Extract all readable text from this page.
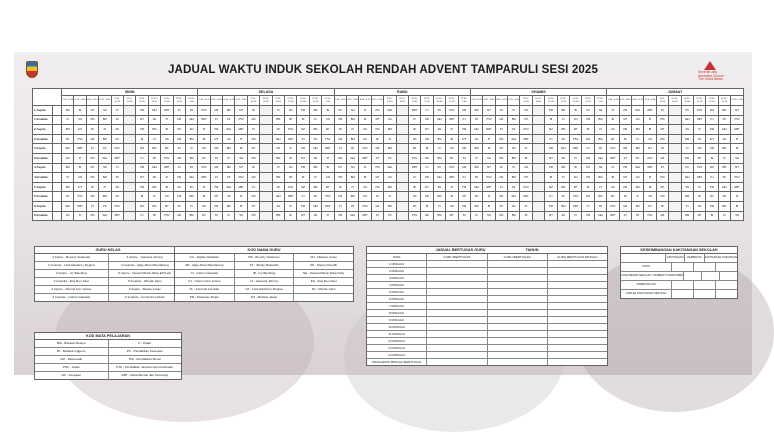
JADUAL WAKTU INDUK SEKOLAH RENDAH ADVENT TAMPARULI SESI 2025	Seventh-day
Adventist Church
The Good News
		ISNIN											SELASA											RABU											KHAMIS											JUMAAT										
		7.45 - 8.15	8.15 - 8.45	8.45 - 9.15	9.15 - 9.45	9.45 - 10.15	10.15 - 10.35	10.35 - 11.05	11.05 - 11.35	11.35 - 12.05	12.05 - 12.35	12.35 - 1.05	7.45 - 8.15	8.15 - 8.45	8.45 - 9.15	9.15 - 9.45	9.45 - 10.15	10.15 - 10.35	10.35 - 11.05	11.05 - 11.35	11.35 - 12.05	12.05 - 12.35	12.35 - 1.05	7.45 - 8.15	8.15 - 8.45	8.45 - 9.15	9.15 - 9.45	9.45 - 10.15	10.15 - 10.35	10.35 - 11.05	11.05 - 11.35	11.35 - 12.05	12.05 - 12.35	12.35 - 1.05	7.45 - 8.15	8.15 - 8.45	8.45 - 9.15	9.15 - 9.45	9.45 - 10.15	10.15 - 10.35	10.35 - 11.05	11.05 - 11.35	11.35 - 12.05	12.05 - 12.35	12.35 - 1.05	7.45 - 8.15	8.15 - 8.45	8.45 - 9.15	9.15 - 9.45	9.45 - 10.15	10.15 - 10.35	10.35 - 11.05	11.05 - 11.35	11.35 - 12.05	12.05 - 12.35	12.35 - 1.05
1 Aspire		BM	BI	MT	SN	PI		PM	SEJ	RBT	PJ	PK	PSV	MZ	BM	MT	BI		PI	SN	PM	BM	BI	MT	SN	PI	PM	SEJ		RBT	PJ	PK	PSV	MZ	BM	MT	BI	PI	SN		PM	BM	BI	MT	SN	PI	PM	SEJ	RBT	PJ		PK	PSV	MZ	BM	MT
1 Insanite		PI	SN	PM	BM	BI		MT	SN	PI	PM	SEJ	RBT	PJ	PK	PSV	MZ		BM	MT	BI	PI	SN	PM	BM	BI	MT	SN		PI	PM	SEJ	RBT	PJ	PK	PSV	MZ	BM	MT		BI	PI	SN	PM	BM	BI	MT	SN	PI	PM		SEJ	RBT	PJ	PK	PSV
2 Aspire		BM	MT	BI	PI	SN		PM	BM	BI	MT	SN	PI	PM	SEJ	RBT	PJ		PK	PSV	MZ	BM	MT	BI	PI	SN	PM	BM		BI	MT	SN	PI	PM	SEJ	RBT	PJ	PK	PSV		MZ	BM	MT	BI	PI	SN	PM	BM	BI	MT		SN	PI	PM	SEJ	RBT
2 Insanite		PK	PSV	MZ	BM	MT		BI	PI	SN	PM	BM	BI	MT	SN	PI	PM		SEJ	RBT	PJ	PK	PSV	MZ	BM	MT	BI	PI		SN	PM	BM	BI	MT	SN	PI	PM	SEJ	RBT		PJ	PK	PSV	MZ	BM	MT	BI	PI	SN	PM		BM	BI	MT	SN	PI
3 Aspire		SEJ	RBT	PJ	PK	PSV		MZ	BM	MT	BI	PI	SN	PM	BM	BI	MT		SN	PI	PM	SEJ	RBT	PJ	PK	PSV	MZ	BM		MT	BI	PI	SN	PM	BM	BI	MT	SN	PI		PM	SEJ	RBT	PJ	PK	PSV	MZ	BM	MT	BI		PI	SN	PM	BM	BI
3 Insanite		SN	PI	PM	SEJ	RBT		PJ	PK	PSV	MZ	BM	MT	BI	PI	SN	PM		BM	BI	MT	SN	PI	PM	SEJ	RBT	PJ	PK		PSV	MZ	BM	MT	BI	PI	SN	PM	BM	BI		MT	SN	PI	PM	SEJ	RBT	PJ	PK	PSV	MZ		BM	MT	BI	PI	SN
4 Aspire		BM	BI	MT	SN	PI		PM	SEJ	RBT	PJ	PK	PSV	MZ	BM	MT	BI		PI	SN	PM	BM	BI	MT	SN	PI	PM	SEJ		RBT	PJ	PK	PSV	MZ	BM	MT	BI	PI	SN		PM	BM	BI	MT	SN	PI	PM	SEJ	RBT	PJ		PK	PSV	MZ	BM	MT
4 Insanite		PI	SN	PM	BM	BI		MT	SN	PI	PM	SEJ	RBT	PJ	PK	PSV	MZ		BM	MT	BI	PI	SN	PM	BM	BI	MT	SN		PI	PM	SEJ	RBT	PJ	PK	PSV	MZ	BM	MT		BI	PI	SN	PM	BM	BI	MT	SN	PI	PM		SEJ	RBT	PJ	PK	PSV
5 Aspire		BM	MT	BI	PI	SN		PM	BM	BI	MT	SN	PI	PM	SEJ	RBT	PJ		PK	PSV	MZ	BM	MT	BI	PI	SN	PM	BM		BI	MT	SN	PI	PM	SEJ	RBT	PJ	PK	PSV		MZ	BM	MT	BI	PI	SN	PM	BM	BI	MT		SN	PI	PM	SEJ	RBT
5 Insanite		PK	PSV	MZ	BM	MT		BI	PI	SN	PM	BM	BI	MT	SN	PI	PM		SEJ	RBT	PJ	PK	PSV	MZ	BM	MT	BI	PI		SN	PM	BM	BI	MT	SN	PI	PM	SEJ	RBT		PJ	PK	PSV	MZ	BM	MT	BI	PI	SN	PM		BM	BI	MT	SN	PI
6 Aspire		SEJ	RBT	PJ	PK	PSV		MZ	BM	MT	BI	PI	SN	PM	BM	BI	MT		SN	PI	PM	SEJ	RBT	PJ	PK	PSV	MZ	BM		MT	BI	PI	SN	PM	BM	BI	MT	SN	PI		PM	SEJ	RBT	PJ	PK	PSV	MZ	BM	MT	BI		PI	SN	PM	BM	BI
6 Insanite		SN	PI	PM	SEJ	RBT		PJ	PK	PSV	MZ	BM	MT	BI	PI	SN	PM		BM	BI	MT	SN	PI	PM	SEJ	RBT	PJ	PK		PSV	MZ	BM	MT	BI	PI	SN	PM	BM	BI		MT	SN	PI	PM	SEJ	RBT	PJ	PK	PSV	MZ		BM	MT	BI	PI	SN
GURU KELAS
1 Aspire - Beverly Sulaiman	4 Aspire - Jasmina Johnny
1 Insanite - Livia Rasberry Regina	4 Insanite - Algie Albert Bandarang
2 Aspire - Ivy Bamiling	5 Aspire - Nowell Melvin Elisa Eff Kelly
2 Insanite - Eva Reu Saul	5 Insanite - Rhoda Jujim
3 Aspire - Cherryl Ann Jusine	6 Aspire - Melisa Jusas
3 Insanite - Carlos Iskandar	6 Insanite - Fernindi Lembah
KOD MATA PELAJARAN
BM - Bahasa Melayu	P - Pakar
BI - Bahasa Inggeris	PK - Pendidikan Kesenian
MZ - Matematik	PM - Pendidikan Moral
PSV - Kelas	PJK - Pendidikan Jasmani dan Kesihatan
SN - Kerajaan	RBT - Reka Bentuk dan Teknologi
KOD NAMA GURU
AG - Algilae Abraham	BS - Beverly Sulaiman	MJ - Melissa Jusas
AB - Algie Albert Bandarang	ST - Shelly Maisarah	SP - Stanny Paudth
CI - Carlos Iskandar	IB - Ivy Bamiling	NE - Nowell Melvin Elisa Kelly
CJ - Cherryl Ann Jusine	JJ - Jasmina Johnny	ES - Eva Reu Saul
FL - Fernindi Lembah	LR - Livia Rasberry Regina	RJ - Rhoda Jujim
PR - Parasose Rojan	MJ - Melissa Jawet
JADUAL BERTUGAS GURU	TAHUN
HARI	GURU BERTUGAS	GURU BERTUGAS	GURU BERTUGAS MINGGU
1 MINGGU
2 MINGGU
3 MINGGU
4 MINGGU
5 MINGGU
6 MINGGU
7 MINGGU
8 MINGGU
9 MINGGU
10 MINGGU
11 MINGGU
12 MINGGU
13 MINGGU
14 MINGGU
PENGAWAS MINGGU BERTUGAS
KESEIMBANGAN KAKITANGAN SEKOLAH
KAKITANGAN	PEMBANTU	KAKITANGAN SOKONGAN
GURU
GURU BESAR SEKOLAH / PEMBANTU PENTADBIR
PEMBANTU AM
JUMLAH KAKITANGAN SEKOLAH
